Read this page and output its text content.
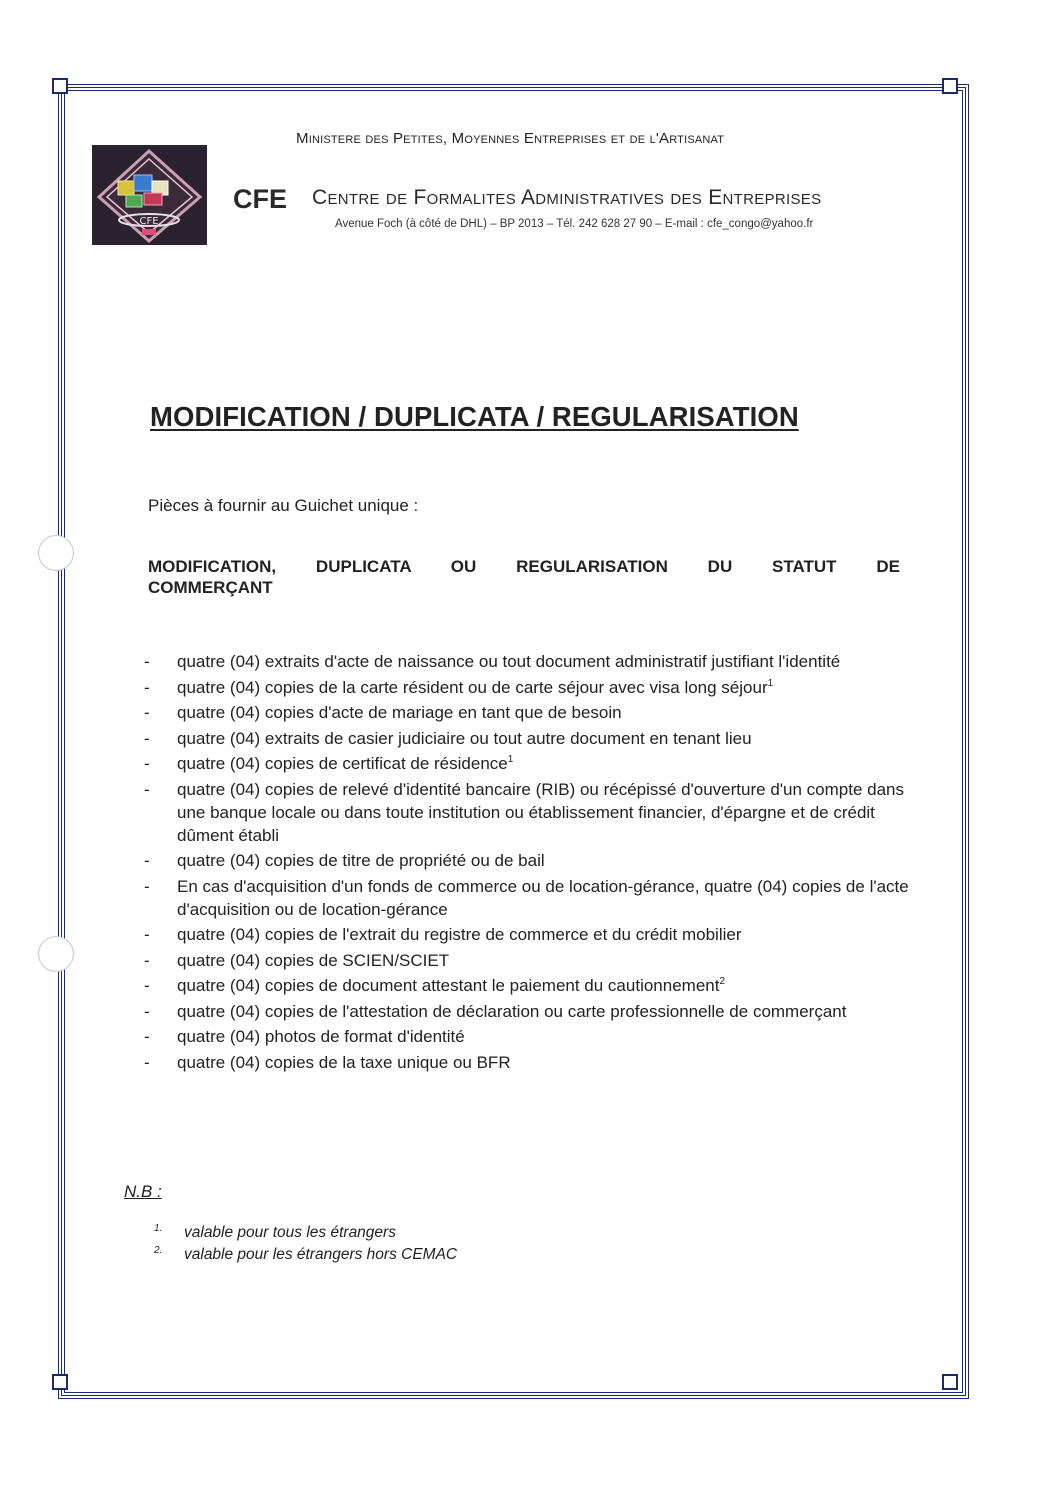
Ministere des Petites, Moyennes Entreprises et de l'Artisanat
CFE
CFE Centre de Formalites Administratives des Entreprises
Avenue Foch (à côté de DHL) – BP 2013 – Tél. 242 628 27 90 – E-mail : cfe_congo@yahoo.fr
MODIFICATION / DUPLICATA / REGULARISATION
Pièces à fournir au Guichet unique :
MODIFICATION, DUPLICATA OU REGULARISATION DU STATUT DE
COMMERÇANT
- quatre (04) extraits d'acte de naissance ou tout document administratif justifiant l'identité
- quatre (04) copies de la carte résident ou de carte séjour avec visa long séjour$^1$
- quatre (04) copies d'acte de mariage en tant que de besoin
- quatre (04) extraits de casier judiciaire ou tout autre document en tenant lieu
- quatre (04) copies de certificat de résidence$^1$
- quatre (04) copies de relevé d'identité bancaire (RIB) ou récépissé d'ouverture d'un compte dans une banque locale ou dans toute institution ou établissement financier, d'épargne et de crédit dûment établi
- quatre (04) copies de titre de propriété ou de bail
- En cas d'acquisition d'un fonds de commerce ou de location-gérance, quatre (04) copies de l'acte d'acquisition ou de location-gérance
- quatre (04) copies de l'extrait du registre de commerce et du crédit mobilier
- quatre (04) copies de SCIEN/SCIET
- quatre (04) copies de document attestant le paiement du cautionnement$^2$
- quatre (04) copies de l'attestation de déclaration ou carte professionnelle de commerçant
- quatre (04) photos de format d'identité
- quatre (04) copies de la taxe unique ou BFR
N.B :
1. valable pour tous les étrangers
2. valable pour les étrangers hors CEMAC
